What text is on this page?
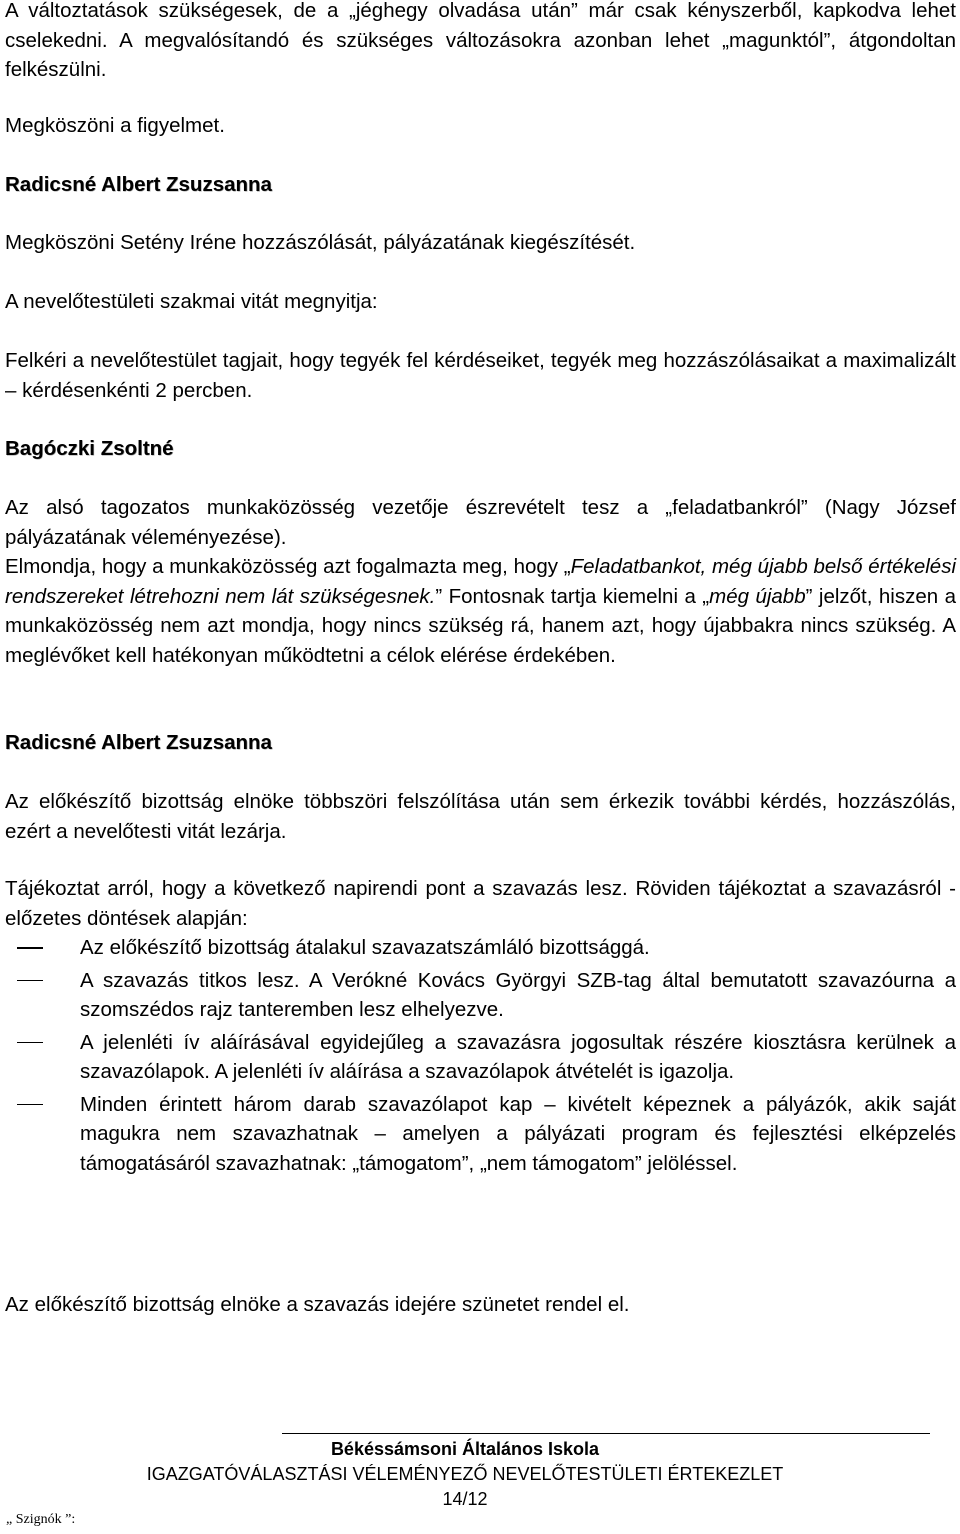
A változtatások szükségesek, de a „jéghegy olvadása után” már csak kényszerből, kapkodva lehet cselekedni. A megvalósítandó és szükséges változásokra azonban lehet „magunktól”, átgondoltan felkészülni.

Megköszöni a figyelmet.

Radicsné Albert Zsuzsanna

Megköszöni Setény Iréne hozzászólását, pályázatának kiegészítését.

A nevelőtestületi szakmai vitát megnyitja:

Felkéri a nevelőtestület tagjait, hogy tegyék fel kérdéseiket, tegyék meg hozzászólásaikat a maximalizált – kérdésenkénti 2 percben.

Bagóczki Zsoltné

Az alsó tagozatos munkaközösség vezetője észrevételt tesz a „feladatbankról” (Nagy József pályázatának véleményezése).

Elmondja, hogy a munkaközösség azt fogalmazta meg, hogy „Feladatbankot, még újabb belső értékelési rendszereket létrehozni nem lát szükségesnek.” Fontosnak tartja kiemelni a „még újabb” jelzőt, hiszen a munkaközösség nem azt mondja, hogy nincs szükség rá, hanem azt, hogy újabbakra nincs szükség. A meglévőket kell hatékonyan működtetni a célok elérése érdekében.

Radicsné Albert Zsuzsanna

Az előkészítő bizottság elnöke többszöri felszólítása után sem érkezik további kérdés, hozzászólás, ezért a nevelőtesti vitát lezárja.

Tájékoztat arról, hogy a következő napirendi pont a szavazás lesz. Röviden tájékoztat a szavazásról - előzetes döntések alapján:

Az előkészítő bizottság átalakul szavazatszámláló bizottsággá.
A szavazás titkos lesz. A Verókné Kovács Györgyi SZB-tag által bemutatott szavazóurna a szomszédos rajz tanteremben lesz elhelyezve.
A jelenléti ív aláírásával egyidejűleg a szavazásra jogosultak részére kiosztásra kerülnek a szavazólapok. A jelenléti ív aláírása a szavazólapok átvételét is igazolja.
Minden érintett három darab szavazólapot kap – kivételt képeznek a pályázók, akik saját magukra nem szavazhatnak – amelyen a pályázati program és fejlesztési elképzelés támogatásáról szavazhatnak: „támogatom”, „nem támogatom” jelöléssel.

Az előkészítő bizottság elnöke a szavazás idejére szünetet rendel el.

Békéssámsoni Általános Iskola

IGAZGATÓVÁLASZTÁSI VÉLEMÉNYEZŐ NEVELŐTESTÜLETI ÉRTEKEZLET

14/12

„ Szignók ”:
